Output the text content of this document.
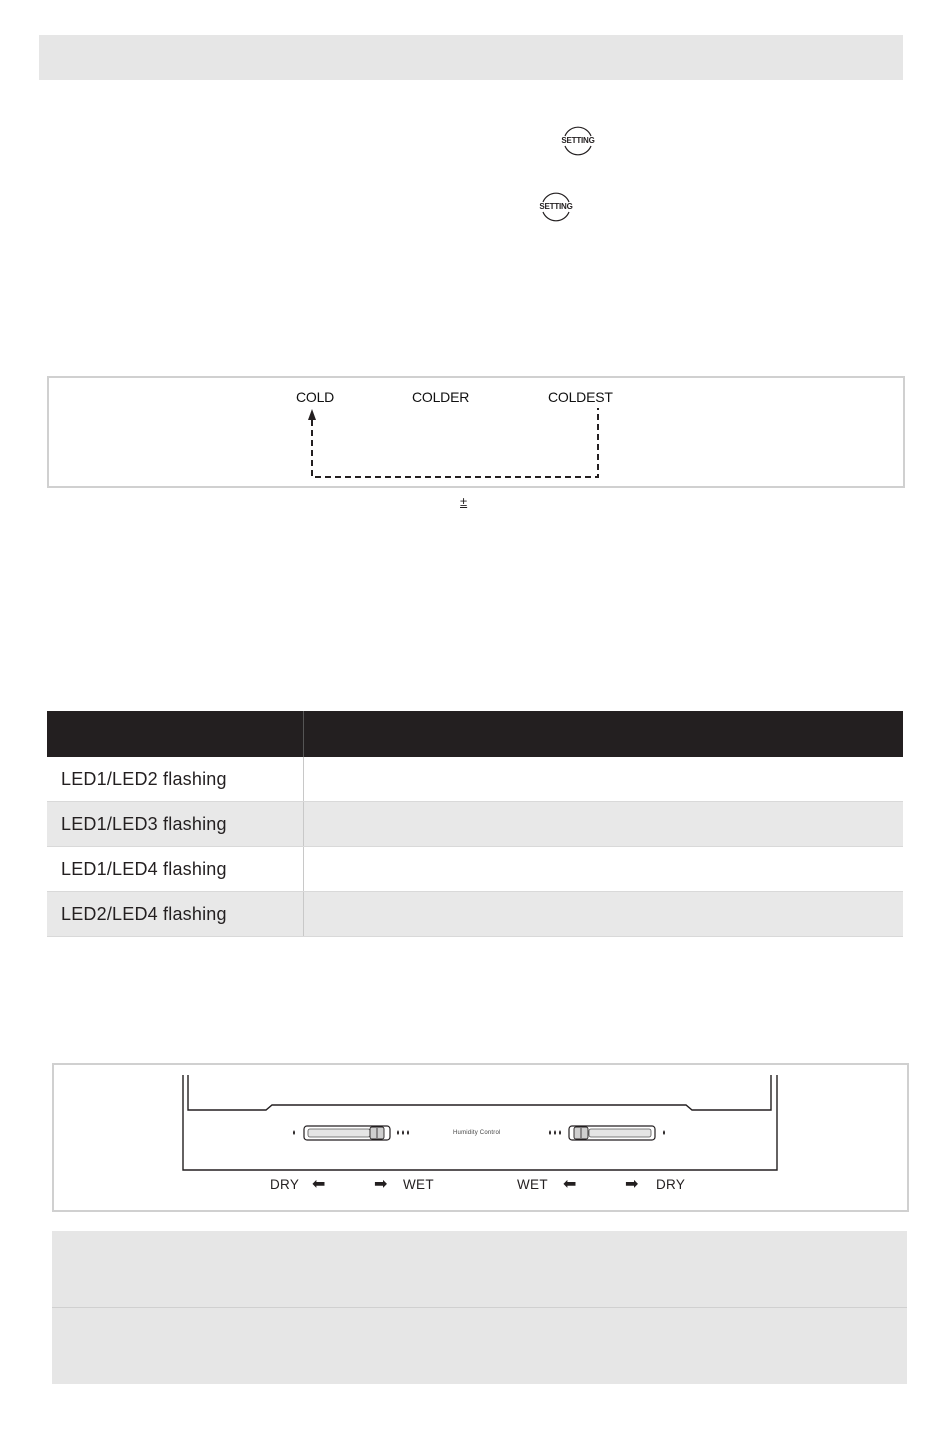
SETTING
SETTING
COLD	COLDER	COLDEST
±

LED1/LED2 flashing	
LED1/LED3 flashing	
LED1/LED4 flashing	
LED2/LED4 flashing	
Humidity Control
DRY ⬅	➡ WET	WET ⬅	➡ DRY
